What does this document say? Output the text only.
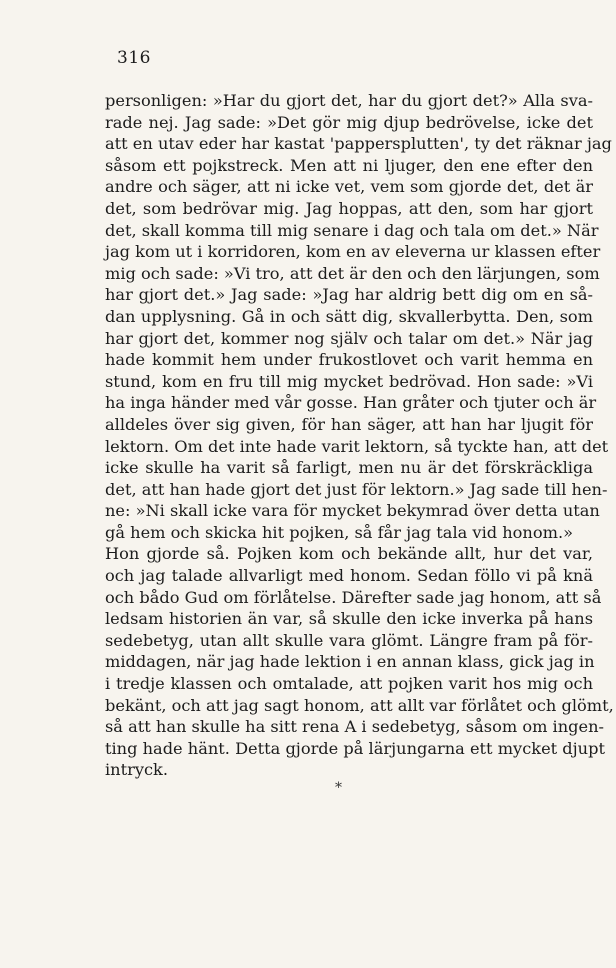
316
personligen: »Har du gjort det, har du gjort det?» Alla sva-
rade nej. Jag sade: »Det gör mig djup bedrövelse, icke det
att en utav eder har kastat 'pappersplutten', ty det räknar jag
såsom ett pojkstreck. Men att ni ljuger, den ene efter den
andre och säger, att ni icke vet, vem som gjorde det, det är
det, som bedrövar mig. Jag hoppas, att den, som har gjort
det, skall komma till mig senare i dag och tala om det.» När
jag kom ut i korridoren, kom en av eleverna ur klassen efter
mig och sade: »Vi tro, att det är den och den lärjungen, som
har gjort det.» Jag sade: »Jag har aldrig bett dig om en så-
dan upplysning. Gå in och sätt dig, skvallerbytta. Den, som
har gjort det, kommer nog själv och talar om det.» När jag
hade kommit hem under frukostlovet och varit hemma en
stund, kom en fru till mig mycket bedrövad. Hon sade: »Vi
ha inga händer med vår gosse. Han gråter och tjuter och är
alldeles över sig given, för han säger, att han har ljugit för
lektorn. Om det inte hade varit lektorn, så tyckte han, att det
icke skulle ha varit så farligt, men nu är det förskräckliga
det, att han hade gjort det just för lektorn.» Jag sade till hen-
ne: »Ni skall icke vara för mycket bekymrad över detta utan
gå hem och skicka hit pojken, så får jag tala vid honom.»
Hon gjorde så. Pojken kom och bekände allt, hur det var,
och jag talade allvarligt med honom. Sedan föllo vi på knä
och bådo Gud om förlåtelse. Därefter sade jag honom, att så
ledsam historien än var, så skulle den icke inverka på hans
sedebetyg, utan allt skulle vara glömt. Längre fram på för-
middagen, när jag hade lektion i en annan klass, gick jag in
i tredje klassen och omtalade, att pojken varit hos mig och
bekänt, och att jag sagt honom, att allt var förlåtet och glömt,
så att han skulle ha sitt rena A i sedebetyg, såsom om ingen-
ting hade hänt. Detta gjorde på lärjungarna ett mycket djupt
intryck.
*
